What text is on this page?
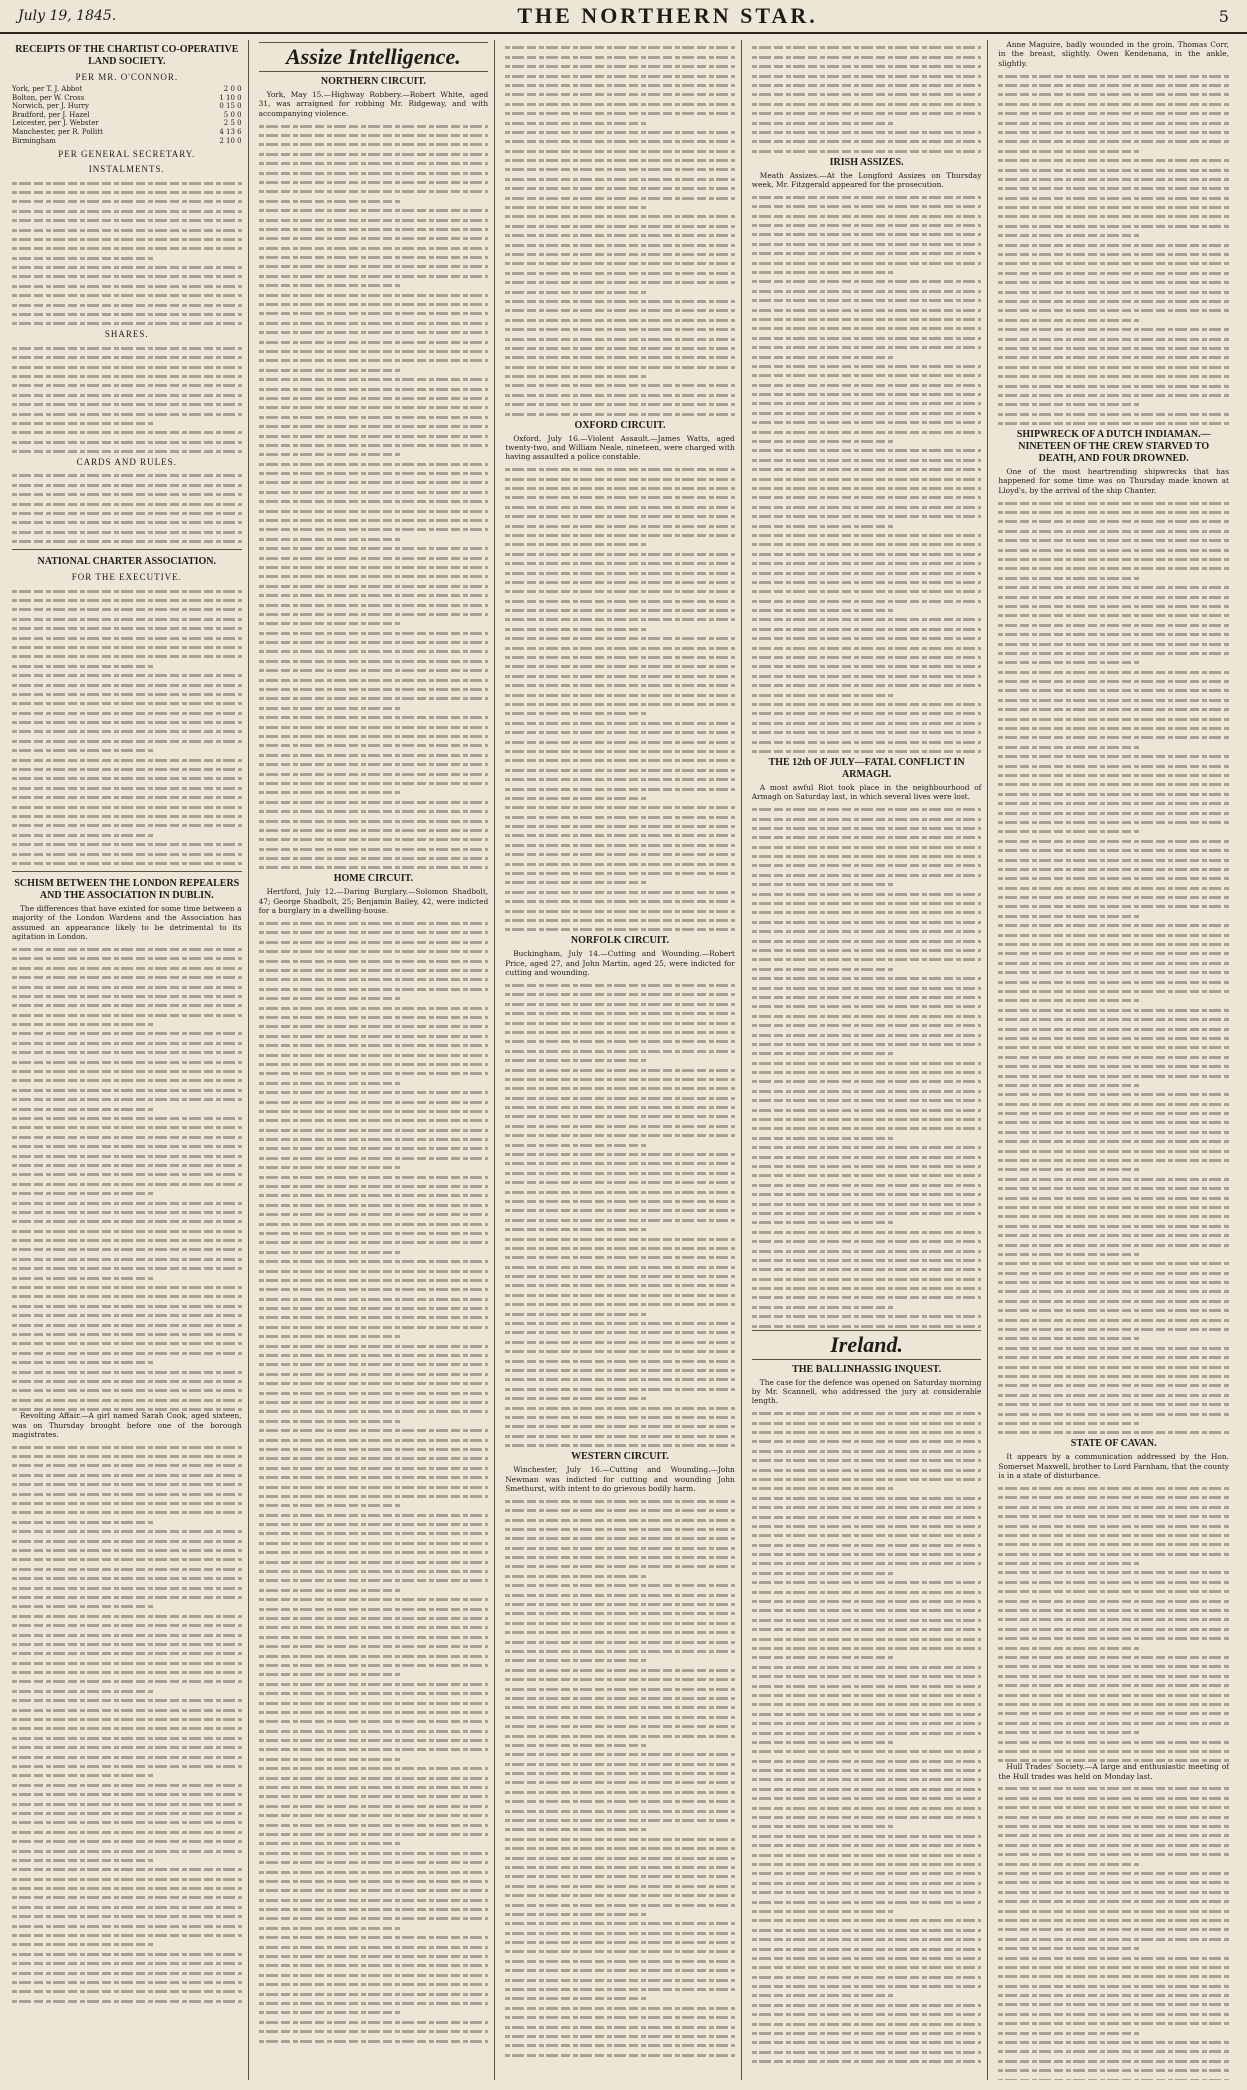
July 19, 1845.	THE NORTHERN STAR.	5
RECEIPTS OF THE CHARTIST CO-OPERATIVE LAND SOCIETY.
PER MR. O'CONNOR.
York, per T. J. Abbot	2 0 0
Bolton, per W. Cross	1 10 0
Norwich, per J. Hurry	0 15 0
Bradford, per J. Hazel	5 0 0
Leicester, per J. Webster	2 5 0
Manchester, per R. Pollitt	4 13 6
Birmingham	2 10 0
PER GENERAL SECRETARY.
INSTALMENTS.
SHARES.
CARDS AND RULES.
NATIONAL CHARTER ASSOCIATION.
FOR THE EXECUTIVE.
SCHISM BETWEEN THE LONDON REPEALERS AND THE ASSOCIATION IN DUBLIN.

The differences that have existed for some time between a majority of the London Wardens and the Association has assumed an appearance likely to be detrimental to its agitation in London.

Revolting Affair.—A girl named Sarah Cook, aged sixteen, was on Thursday brought before one of the borough magistrates.

Assize Intelligence.
NORTHERN CIRCUIT.

York, May 15.—Highway Robbery.—Robert White, aged 31, was arraigned for robbing Mr. Ridgeway, and with accompanying violence.

HOME CIRCUIT.

Hertford, July 12.—Daring Burglary.—Solomon Shadbolt, 47; George Shadbolt, 25; Benjamin Bailey, 42, were indicted for a burglary in a dwelling-house.

OXFORD CIRCUIT.

Oxford, July 16.—Violent Assault.—James Watts, aged twenty-two, and William Neale, nineteen, were charged with having assaulted a police constable.

NORFOLK CIRCUIT.

Buckingham, July 14.—Cutting and Wounding.—Robert Price, aged 27, and John Martin, aged 25, were indicted for cutting and wounding.

WESTERN CIRCUIT.

Winchester, July 16.—Cutting and Wounding.—John Newman was indicted for cutting and wounding John Smethurst, with intent to do grievous bodily harm.

IRISH ASSIZES.

Meath Assizes.—At the Longford Assizes on Thursday week, Mr. Fitzgerald appeared for the prosecution.

THE 12th OF JULY—FATAL CONFLICT IN ARMAGH.

A most awful Riot took place in the neighbourhood of Armagh on Saturday last, in which several lives were lost.

Ireland.
THE BALLINHASSIG INQUEST.

The case for the defence was opened on Saturday morning by Mr. Scannell, who addressed the jury at considerable length.

Anne Maguire, badly wounded in the groin. Thomas Corr, in the breast, slightly. Owen Kendenana, in the ankle, slightly.

SHIPWRECK OF A DUTCH INDIAMAN.—NINETEEN OF THE CREW STARVED TO DEATH, AND FOUR DROWNED.

One of the most heartrending shipwrecks that has happened for some time was on Thursday made known at Lloyd's, by the arrival of the ship Chanter.

STATE OF CAVAN.

It appears by a communication addressed by the Hon. Somerset Maxwell, brother to Lord Farnham, that the county is in a state of disturbance.

Hull Trades' Society.—A large and enthusiastic meeting of the Hull trades was held on Monday last.
